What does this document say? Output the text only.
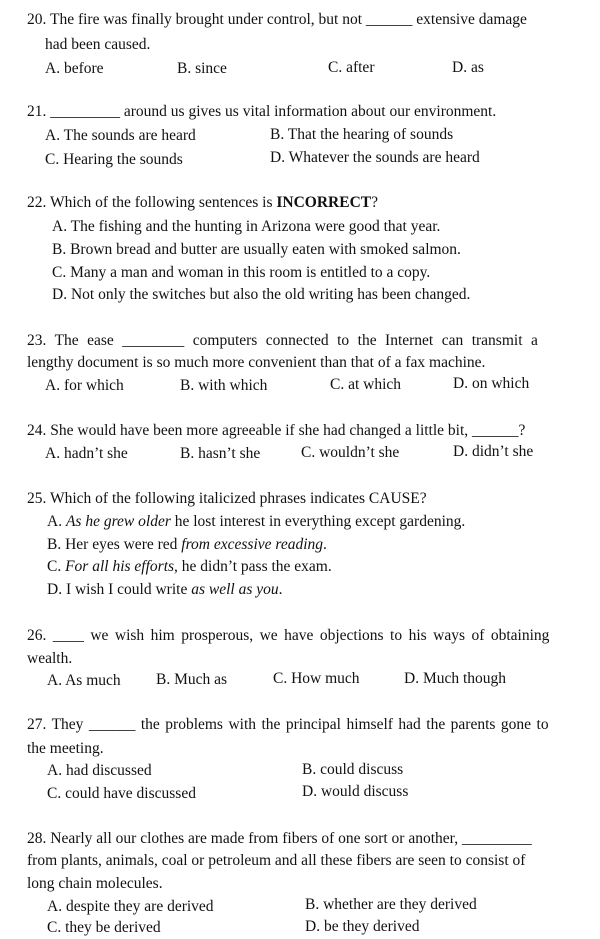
20. The fire was finally brought under control, but not ______ extensive damage
had been caused.
A. before	B. since	C. after	D. as
21. _________ around us gives us vital information about our environment.
A. The sounds are heard	B. That the hearing of sounds
C. Hearing the sounds	D. Whatever the sounds are heard
22. Which of the following sentences is INCORRECT?
A. The fishing and the hunting in Arizona were good that year.
B. Brown bread and butter are usually eaten with smoked salmon.
C. Many a man and woman in this room is entitled to a copy.
D. Not only the switches but also the old writing has been changed.
23. The ease ________ computers connected to the Internet can transmit a
lengthy document is so much more convenient than that of a fax machine.
A. for which	B. with which	C. at which	D. on which
24. She would have been more agreeable if she had changed a little bit, ______?
A. hadn’t she	B. hasn’t she	C. wouldn’t she	D. didn’t she
25. Which of the following italicized phrases indicates CAUSE?
A. As he grew older he lost interest in everything except gardening.
B. Her eyes were red from excessive reading.
C. For all his efforts, he didn’t pass the exam.
D. I wish I could write as well as you.
26. ____ we wish him prosperous, we have objections to his ways of obtaining
wealth.
A. As much B. Much as	C. How much	D. Much though
27. They ______ the problems with the principal himself had the parents gone to
the meeting.
A. had discussed	B. could discuss
C. could have discussed	D. would discuss
28. Nearly all our clothes are made from fibers of one sort or another, _________
from plants, animals, coal or petroleum and all these fibers are seen to consist of
long chain molecules.
A. despite they are derived	B. whether are they derived
C. they be derived	D. be they derived
